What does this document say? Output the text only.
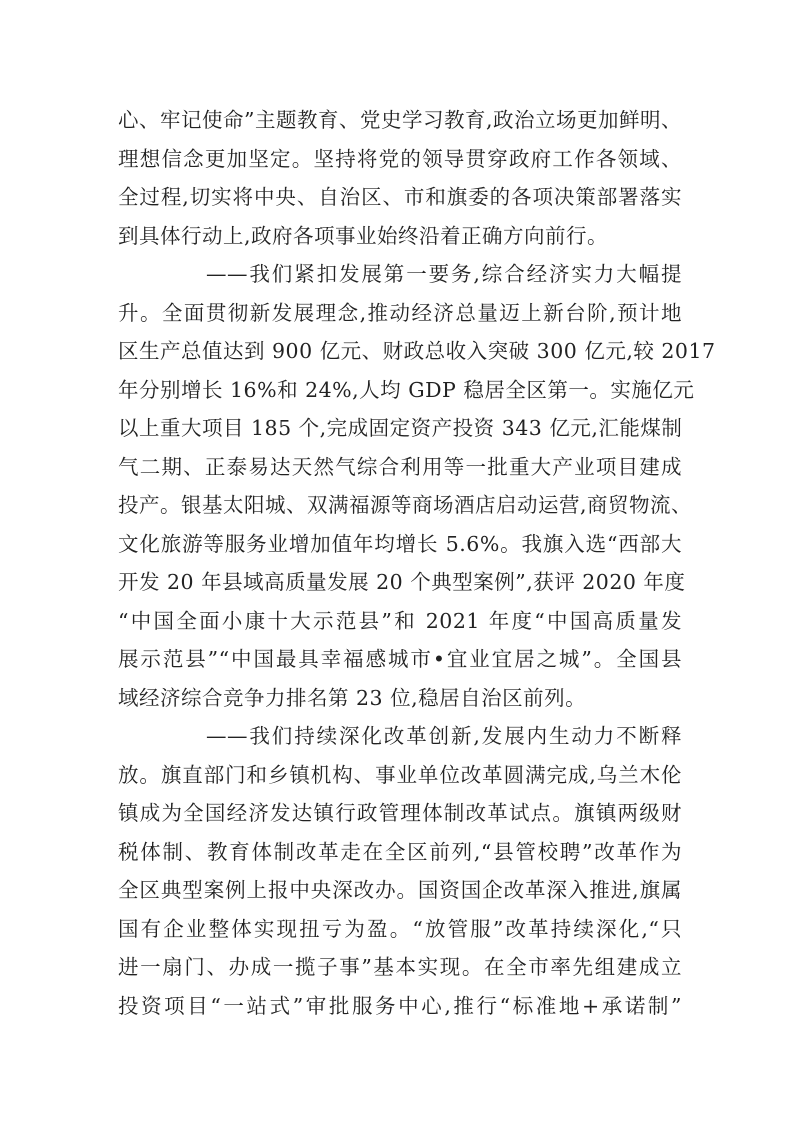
心、牢记使命”主题教育、党史学习教育,政治立场更加鲜明、
理想信念更加坚定。坚持将党的领导贯穿政府工作各领域、
全过程,切实将中央、自治区、市和旗委的各项决策部署落实
到具体行动上,政府各项事业始终沿着正确方向前行。
——我们紧扣发展第一要务,综合经济实力大幅提
升。全面贯彻新发展理念,推动经济总量迈上新台阶,预计地
区生产总值达到 900 亿元、财政总收入突破 300 亿元,较 2017
年分别增长 16%和 24%,人均 GDP 稳居全区第一。实施亿元
以上重大项目 185 个,完成固定资产投资 343 亿元,汇能煤制
气二期、正泰易达天然气综合利用等一批重大产业项目建成
投产。银基太阳城、双满福源等商场酒店启动运营,商贸物流、
文化旅游等服务业增加值年均增长 5.6%。我旗入选“西部大
开发 20 年县域高质量发展 20 个典型案例”,获评 2020 年度
“中国全面小康十大示范县”和 2021 年度“中国高质量发
展示范县”“中国最具幸福感城市•宜业宜居之城”。全国县
域经济综合竞争力排名第 23 位,稳居自治区前列。
——我们持续深化改革创新,发展内生动力不断释
放。旗直部门和乡镇机构、事业单位改革圆满完成,乌兰木伦
镇成为全国经济发达镇行政管理体制改革试点。旗镇两级财
税体制、教育体制改革走在全区前列,“县管校聘”改革作为
全区典型案例上报中央深改办。国资国企改革深入推进,旗属
国有企业整体实现扭亏为盈。“放管服”改革持续深化,“只
进一扇门、办成一揽子事”基本实现。在全市率先组建成立
投资项目“一站式”审批服务中心,推行“标准地+承诺制”
